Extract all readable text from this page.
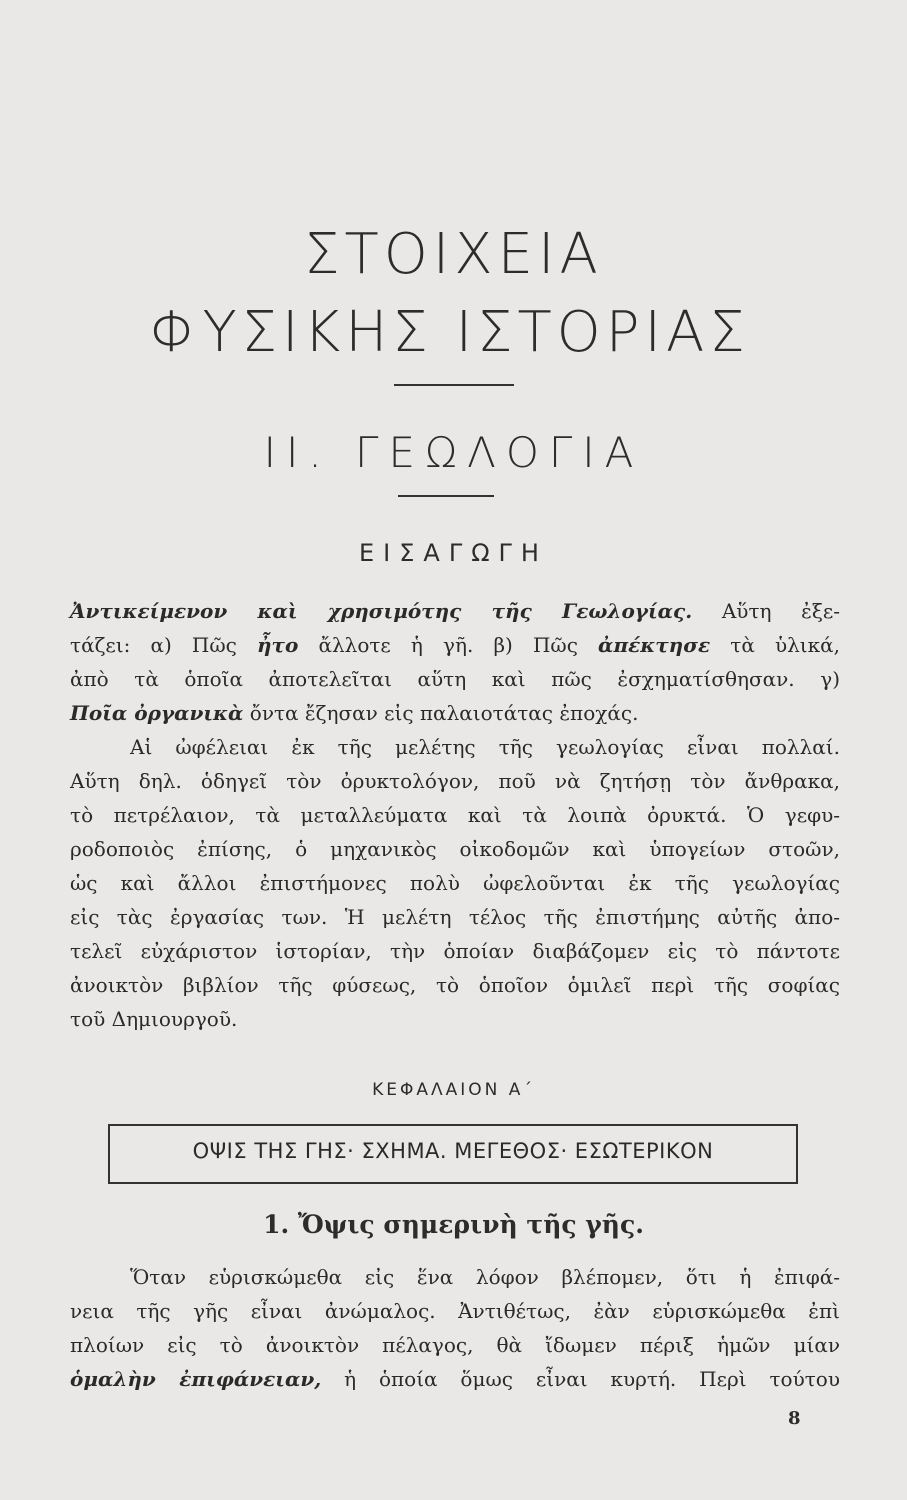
ΣΤΟΙΧΕΙΑ
ΦΥΣΙΚΗΣ ΙΣΤΟΡΙΑΣ
ΙΙ. ΓΕΩΛΟΓΙΑ
ΕΙΣΑΓΩΓΗ
Ἀντικείμενον καὶ χρησιμότης τῆς Γεωλογίας. Αὕτη ἐξε-
τάζει: α) Πῶς ἦτο ἄλλοτε ἡ γῆ. β) Πῶς ἀπέκτησε τὰ ὑλικά,
ἀπὸ τὰ ὁποῖα ἀποτελεῖται αὕτη καὶ πῶς ἐσχηματίσθησαν. γ)
Ποῖα ὀργανικὰ ὄντα ἔζησαν εἰς παλαιοτάτας ἐποχάς.
Αἱ ὠφέλειαι ἐκ τῆς μελέτης τῆς γεωλογίας εἶναι πολλαί.
Αὕτη δηλ. ὁδηγεῖ τὸν ὀρυκτολόγον, ποῦ νὰ ζητήσῃ τὸν ἄνθρακα,
τὸ πετρέλαιον, τὰ μεταλλεύματα καὶ τὰ λοιπὰ ὀρυκτά. Ὁ γεφυ-
ροδοποιὸς ἐπίσης, ὁ μηχανικὸς οἰκοδομῶν καὶ ὑπογείων στοῶν,
ὡς καὶ ἄλλοι ἐπιστήμονες πολὺ ὠφελοῦνται ἐκ τῆς γεωλογίας
εἰς τὰς ἐργασίας των. Ἡ μελέτη τέλος τῆς ἐπιστήμης αὐτῆς ἀπο-
τελεῖ εὐχάριστον ἱστορίαν, τὴν ὁποίαν διαβάζομεν εἰς τὸ πάντοτε
ἀνοικτὸν βιβλίον τῆς φύσεως, τὸ ὁποῖον ὁμιλεῖ περὶ τῆς σοφίας
τοῦ Δημιουργοῦ.
ΚΕΦΑΛΑΙΟΝ Α΄
ΟΨΙΣ ΤΗΣ ΓΗΣ· ΣΧΗΜΑ. ΜΕΓΕΘΟΣ· ΕΣΩΤΕΡΙΚΟΝ
1. Ὄψις σημερινὴ τῆς γῆς.
Ὅταν εὑρισκώμεθα εἰς ἕνα λόφον βλέπομεν, ὅτι ἡ ἐπιφά-
νεια τῆς γῆς εἶναι ἀνώμαλος. Ἀντιθέτως, ἐὰν εὑρισκώμεθα ἐπὶ
πλοίων εἰς τὸ ἀνοικτὸν πέλαγος, θὰ ἴδωμεν πέριξ ἡμῶν μίαν
ὁμαλὴν ἐπιφάνειαν, ἡ ὁποία ὅμως εἶναι κυρτή. Περὶ τούτου
8
